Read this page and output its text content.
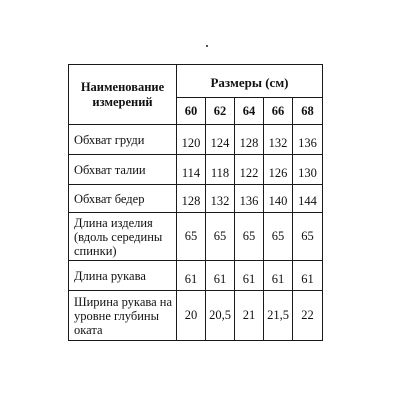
Наименование измерений	Размеры (см)				
	60	62	64	66	68
Обхват груди	120	124	128	132	136
Обхват талии	114	118	122	126	130
Обхват бедер	128	132	136	140	144
Длина изделия (вдоль середины спинки)	65	65	65	65	65
Длина рукава	61	61	61	61	61
Ширина рукава на уровне глубины оката	20	20,5	21	21,5	22
